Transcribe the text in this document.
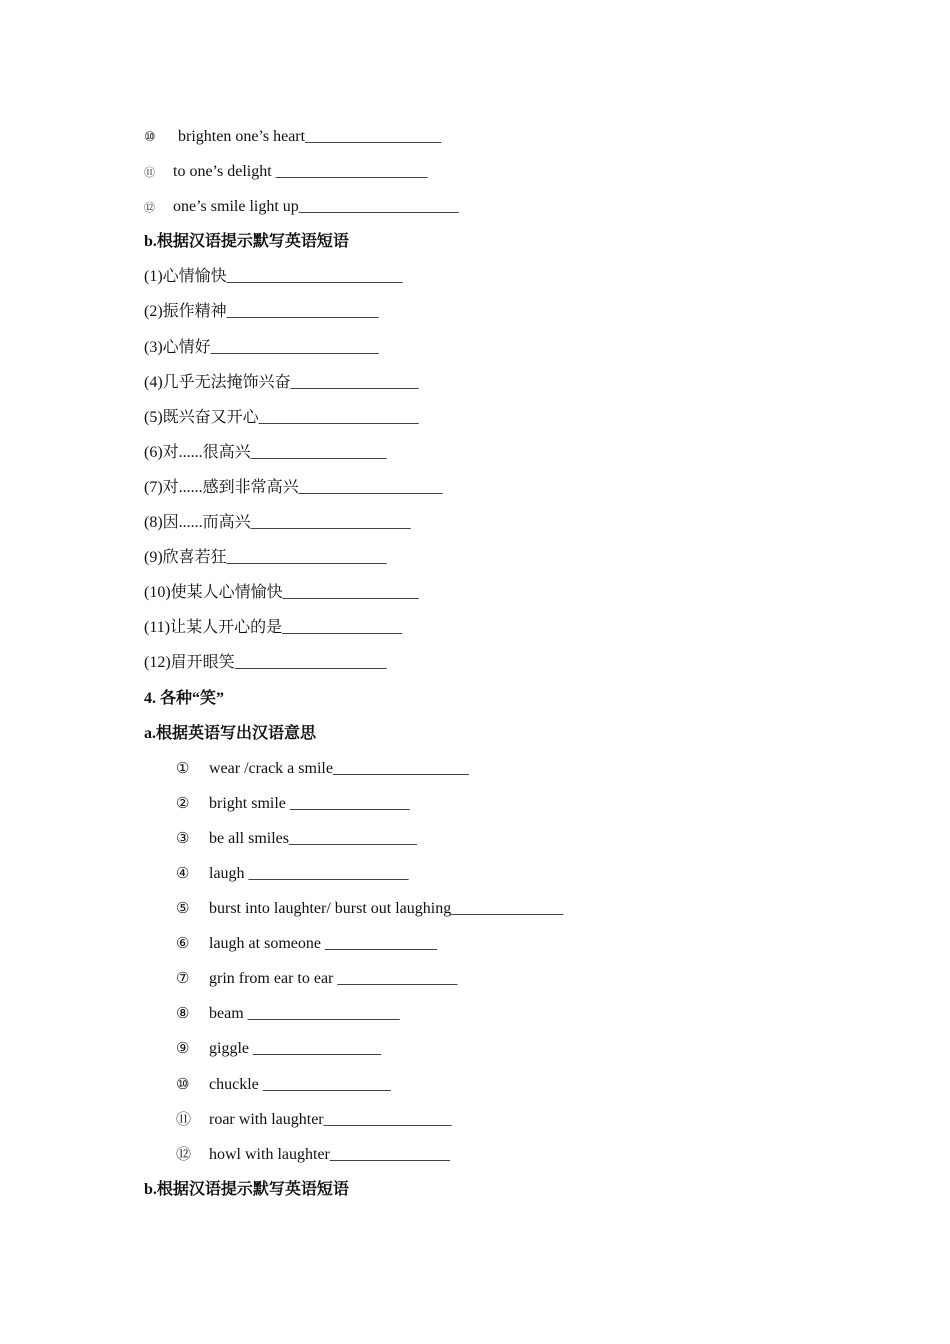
⑩ brighten one’s heart_________________
⑪ to one’s delight ___________________
⑫ one’s smile light up____________________
b.根据汉语提示默写英语短语
(1)心情愉快______________________
(2)振作精神___________________
(3)心情好_____________________
(4)几乎无法掩饰兴奋________________
(5)既兴奋又开心____________________
(6)对......很高兴_________________
(7)对......感到非常高兴__________________
(8)因......而高兴____________________
(9)欣喜若狂____________________
(10)使某人心情愉快_________________
(11)让某人开心的是_______________
(12)眉开眼笑___________________
4. 各种“笑”
a.根据英语写出汉语意思
① wear /crack a smile_________________
② bright smile _______________
③ be all smiles________________
④ laugh ____________________
⑤ burst into laughter/ burst out laughing______________
⑥ laugh at someone ______________
⑦ grin from ear to ear _______________
⑧ beam ___________________
⑨ giggle ________________
⑩ chuckle ________________
⑪ roar with laughter________________
⑫ howl with laughter_______________
b.根据汉语提示默写英语短语
